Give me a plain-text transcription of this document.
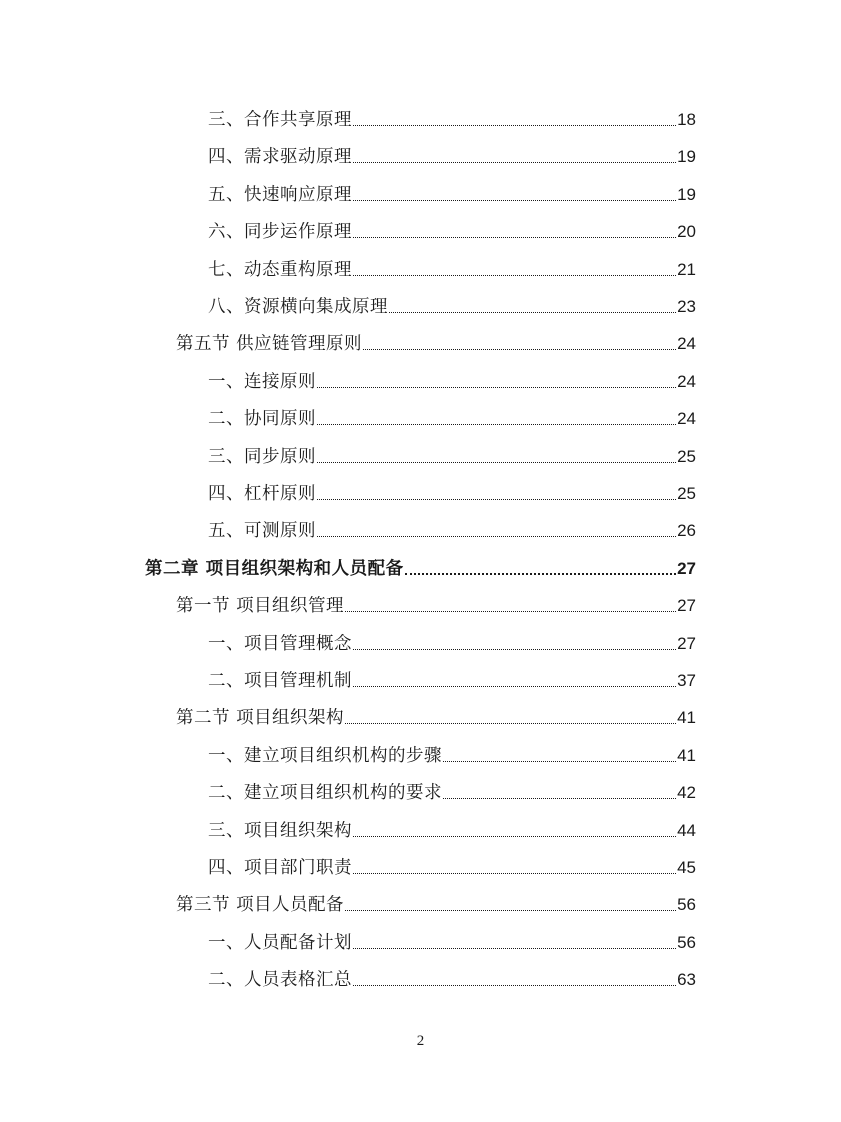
三、合作共享原理	18
四、需求驱动原理	19
五、快速响应原理	19
六、同步运作原理	20
七、动态重构原理	21
八、资源横向集成原理	23
第五节 供应链管理原则	24
一、连接原则	24
二、协同原则	24
三、同步原则	25
四、杠杆原则	25
五、可测原则	26
第二章 项目组织架构和人员配备	27
第一节 项目组织管理	27
一、项目管理概念	27
二、项目管理机制	37
第二节 项目组织架构	41
一、建立项目组织机构的步骤	41
二、建立项目组织机构的要求	42
三、项目组织架构	44
四、项目部门职责	45
第三节 项目人员配备	56
一、人员配备计划	56
二、人员表格汇总	63
2
